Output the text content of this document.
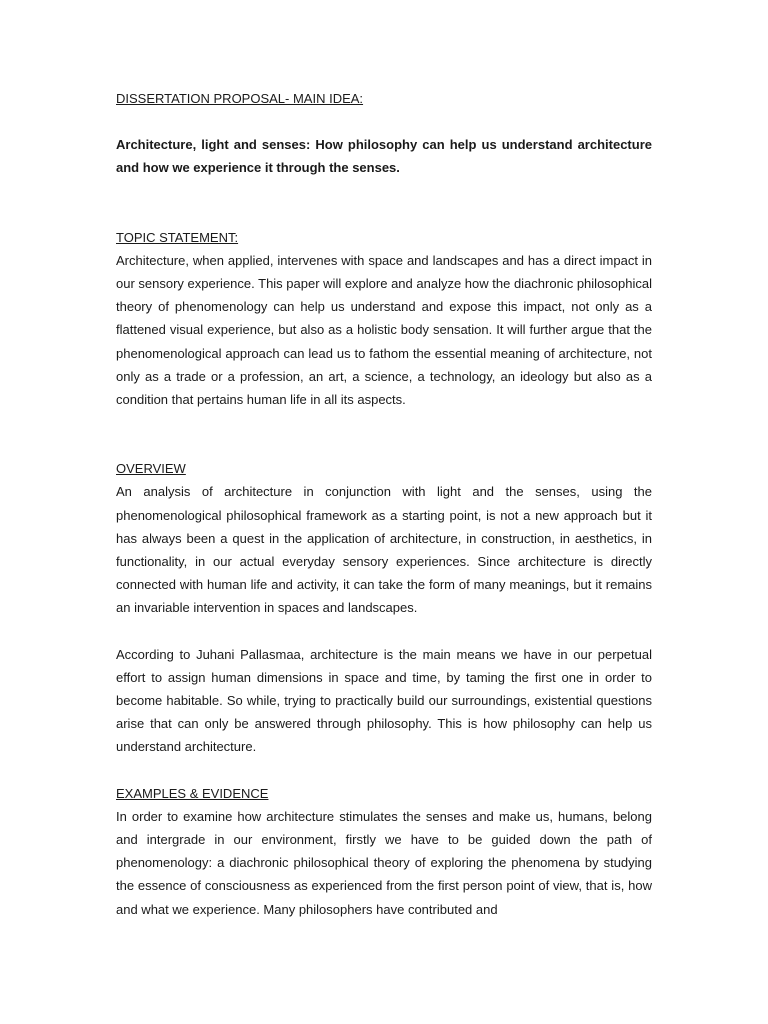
DISSERTATION PROPOSAL- MAIN IDEA:

Architecture, light and senses: How philosophy can help us understand architecture and how we experience it through the senses.

TOPIC STATEMENT:

Architecture, when applied, intervenes with space and landscapes and has a direct impact in our sensory experience. This paper will explore and analyze how the diachronic philosophical theory of phenomenology can help us understand and expose this impact, not only as a flattened visual experience, but also as a holistic body sensation. It will further argue that the phenomenological approach can lead us to fathom the essential meaning of architecture, not only as a trade or a profession, an art, a science, a technology, an ideology but also as a condition that pertains human life in all its aspects.

OVERVIEW

An analysis of architecture in conjunction with light and the senses, using the phenomenological philosophical framework as a starting point, is not a new approach but it has always been a quest in the application of architecture, in construction, in aesthetics, in functionality, in our actual everyday sensory experiences. Since architecture is directly connected with human life and activity, it can take the form of many meanings, but it remains an invariable intervention in spaces and landscapes.

According to Juhani Pallasmaa, architecture is the main means we have in our perpetual effort to assign human dimensions in space and time, by taming the first one in order to become habitable. So while, trying to practically build our surroundings, existential questions arise that can only be answered through philosophy. This is how philosophy can help us understand architecture.

EXAMPLES & EVIDENCE

In order to examine how architecture stimulates the senses and make us, humans, belong and intergrade in our environment, firstly we have to be guided down the path of phenomenology: a diachronic philosophical theory of exploring the phenomena by studying the essence of consciousness as experienced from the first person point of view, that is, how and what we experience. Many philosophers have contributed and
